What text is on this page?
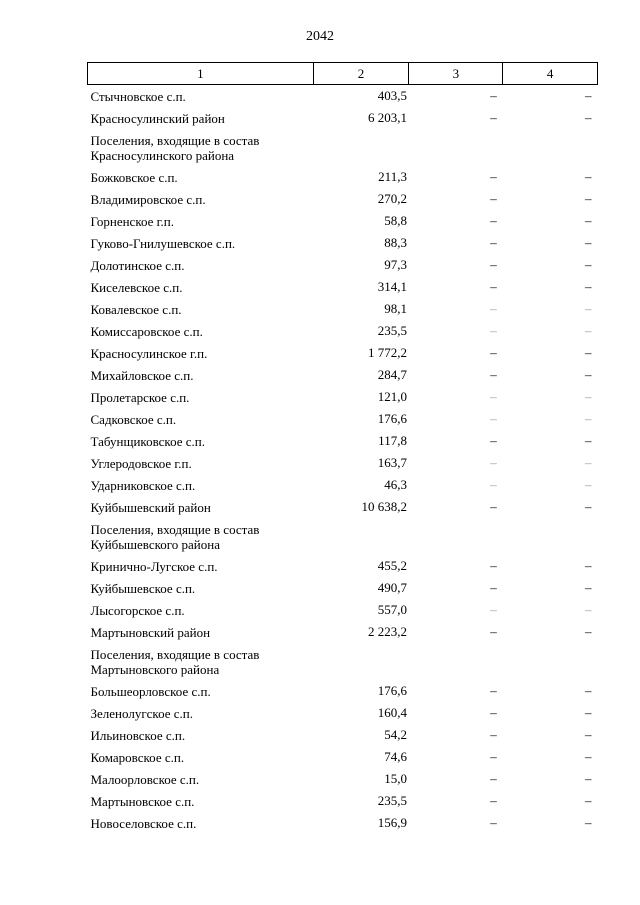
2042
1	2	3	4
Стычновское с.п.	403,5	–	–
Красносулинский район	6 203,1	–	–
Поселения, входящие в состав Красносулинского района			
Божковское с.п.	211,3	–	–
Владимировское с.п.	270,2	–	–
Горненское г.п.	58,8	–	–
Гуково-Гнилушевское с.п.	88,3	–	–
Долотинское с.п.	97,3	–	–
Киселевское с.п.	314,1	–	–
Ковалевское с.п.	98,1	–	–
Комиссаровское с.п.	235,5	–	–
Красносулинское г.п.	1 772,2	–	–
Михайловское с.п.	284,7	–	–
Пролетарское с.п.	121,0	–	–
Садковское с.п.	176,6	–	–
Табунщиковское с.п.	117,8	–	–
Углеродовское г.п.	163,7	–	–
Ударниковское с.п.	46,3	–	–
Куйбышевский район	10 638,2	–	–
Поселения, входящие в состав Куйбышевского района			
Кринично-Лугское с.п.	455,2	–	–
Куйбышевское с.п.	490,7	–	–
Лысогорское с.п.	557,0	–	–
Мартыновский район	2 223,2	–	–
Поселения, входящие в состав Мартыновского района			
Большеорловское с.п.	176,6	–	–
Зеленолугское с.п.	160,4	–	–
Ильиновское с.п.	54,2	–	–
Комаровское с.п.	74,6	–	–
Малоорловское с.п.	15,0	–	–
Мартыновское с.п.	235,5	–	–
Новоселовское с.п.	156,9	–	–
